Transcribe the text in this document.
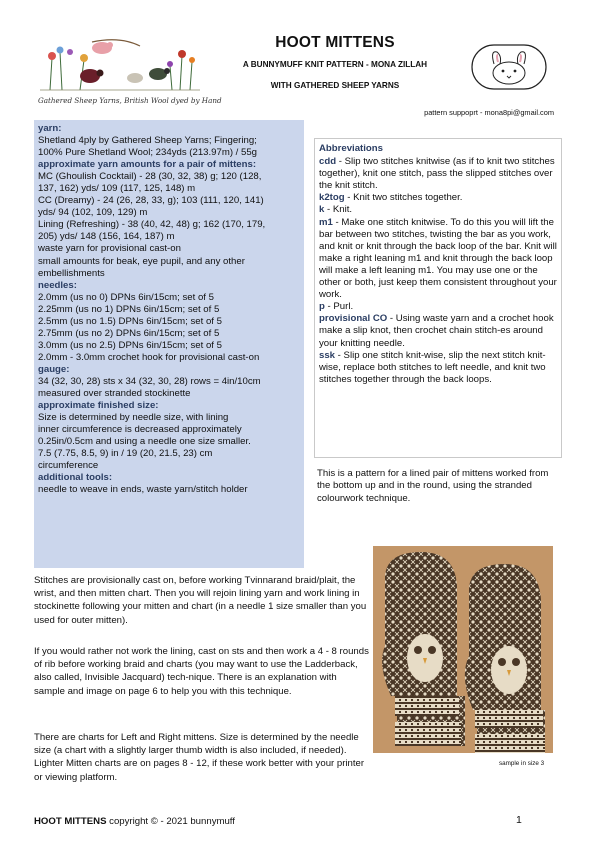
Gathered Sheep Yarns, British Wool dyed by Hand
HOOT MITTENS
A BUNNYMUFF KNIT PATTERN - MONA ZILLAH
WITH GATHERED SHEEP YARNS
pattern suppoprt - mona8pi@gmail.com
yarn:
Shetland 4ply by Gathered Sheep Yarns; Fingering;
100% Pure Shetland Wool; 234yds (213.97m) / 55g
approximate yarn amounts for a pair of mittens:
MC (Ghoulish Cocktail) - 28 (30, 32, 38) g; 120 (128,
137, 162) yds/ 109 (117, 125, 148) m
CC (Dreamy) - 24 (26, 28, 33, g); 103 (111, 120, 141)
yds/ 94 (102, 109, 129) m
Lining (Refreshing) - 38 (40, 42, 48) g; 162 (170, 179,
205) yds/ 148 (156, 164, 187) m
waste yarn for provisional cast-on
small amounts for beak, eye pupil, and any other
embellishments
needles:
2.0mm (us no 0) DPNs 6in/15cm; set of 5
2.25mm (us no 1) DPNs 6in/15cm; set of 5
2.5mm (us no 1.5) DPNs 6in/15cm; set of 5
2.75mm (us no 2) DPNs 6in/15cm; set of 5
3.0mm (us no 2.5) DPNs 6in/15cm; set of 5
2.0mm - 3.0mm crochet hook for provisional cast-on
gauge:
34 (32, 30, 28) sts x 34 (32, 30, 28) rows = 4in/10cm
measured over stranded stockinette
approximate finished size:
Size is determined by needle size, with lining
inner circumference is decreased approximately
0.25in/0.5cm and using a needle one size smaller.
7.5 (7.75, 8.5, 9) in / 19 (20, 21.5, 23) cm
circumference
additional tools:
needle to weave in ends, waste yarn/stitch holder
Abbreviations
cdd - Slip two stitches knitwise (as if to knit two stitches together), knit one stitch, pass the slipped stitches over the knit stitch.
k2tog - Knit two stitches together.
k - Knit.
m1 - Make one stitch knitwise. To do this you will lift the bar between two stitches, twisting the bar as you work, and knit or knit through the back loop of the bar. Knit will make a right leaning m1 and knit through the back loop will make a left leaning m1. You may use one or the other or both, just keep them consistent throughout your work.
p - Purl.
provisional CO - Using waste yarn and a crochet hook make a slip knot, then crochet chain stitch-es around your knitting needle.
ssk - Slip one stitch knit-wise, slip the next stitch knit-wise, replace both stitches to left needle, and knit two stitches together through the back loops.
This is a pattern for a lined pair of mittens worked from the bottom up and in the round, using the stranded colourwork technique.
sample in size 3
Stitches are provisionally cast on, before working Tvinnarand braid/plait, the wrist, and then mitten chart. Then you will rejoin lining yarn and work lining in stockinette following your mitten and chart (in a needle 1 size smaller than you used for outer mitten).
If you would rather not work the lining, cast on sts and then work a 4 - 8 rounds of rib before working braid and charts (you may want to use the Ladderback, also called, Invisible Jacquard) tech-nique. There is an explanation with sample and image on page 6 to help you with this technique.
There are charts for Left and Right mittens. Size is determined by the needle size (a chart with a slightly larger thumb width is also included, if needed).
Lighter Mitten charts are on pages 8 - 12, if these work better with your printer or viewing platform.
HOOT MITTENS copyright © - 2021 bunnymuff	1
